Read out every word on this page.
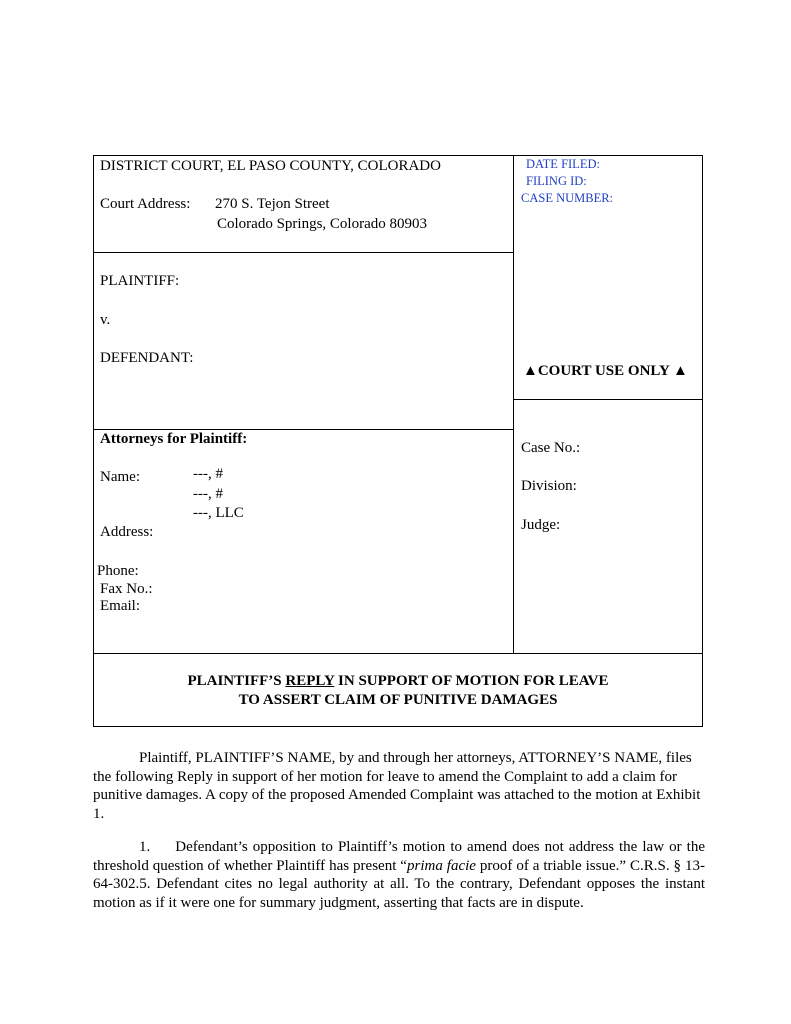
DISTRICT COURT, EL PASO COUNTY, COLORADO
Court Address: 270 S. Tejon Street
Colorado Springs, Colorado 80903
DATE FILED:
FILING ID:
CASE NUMBER:
PLAINTIFF:
v.
DEFENDANT:
▲COURT USE ONLY ▲
Attorneys for Plaintiff:
Name:	---, #
---, #
---, LLC
Address:
Phone:
Fax No.:
Email:
Case No.:
Division:
Judge:
PLAINTIFF’S REPLY IN SUPPORT OF MOTION FOR LEAVE
TO ASSERT CLAIM OF PUNITIVE DAMAGES
Plaintiff, PLAINTIFF’S NAME, by and through her attorneys, ATTORNEY’S NAME, files the following Reply in support of her motion for leave to amend the Complaint to add a claim for punitive damages. A copy of the proposed Amended Complaint was attached to the motion at Exhibit 1.
1. Defendant’s opposition to Plaintiff’s motion to amend does not address the law or the threshold question of whether Plaintiff has present “prima facie proof of a triable issue.” C.R.S. § 13-64-302.5. Defendant cites no legal authority at all. To the contrary, Defendant opposes the instant motion as if it were one for summary judgment, asserting that facts are in dispute.
